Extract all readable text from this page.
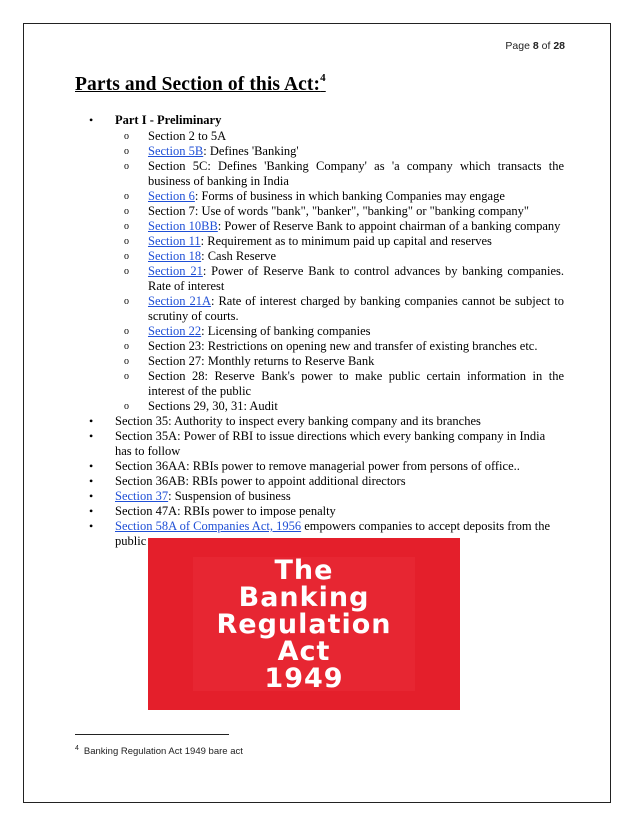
Page 8 of 28
Parts and Section of this Act:$^4$
• Part I - Preliminary
o Section 2 to 5A
o Section 5B: Defines 'Banking'
o Section 5C: Defines 'Banking Company' as 'a company which transacts the business of banking in India
o Section 6: Forms of business in which banking Companies may engage
o Section 7: Use of words "bank", "banker", "banking" or "banking company"
o Section 10BB: Power of Reserve Bank to appoint chairman of a banking company
o Section 11: Requirement as to minimum paid up capital and reserves
o Section 18: Cash Reserve
o Section 21: Power of Reserve Bank to control advances by banking companies. Rate of interest
o Section 21A: Rate of interest charged by banking companies cannot be subject to scrutiny of courts.
o Section 22: Licensing of banking companies
o Section 23: Restrictions on opening new and transfer of existing branches etc.
o Section 27: Monthly returns to Reserve Bank
o Section 28: Reserve Bank's power to make public certain information in the interest of the public
o Sections 29, 30, 31: Audit
• Section 35: Authority to inspect every banking company and its branches
• Section 35A: Power of RBI to issue directions which every banking company in India has to follow
• Section 36AA: RBIs power to remove managerial power from persons of office..
• Section 36AB: RBIs power to appoint additional directors
• Section 37: Suspension of business
• Section 47A: RBIs power to impose penalty
• Section 58A of Companies Act, 1956 empowers companies to accept deposits from the public
The
Banking
Regulation
Act
1949
$^4$ Banking Regulation Act 1949 bare act
